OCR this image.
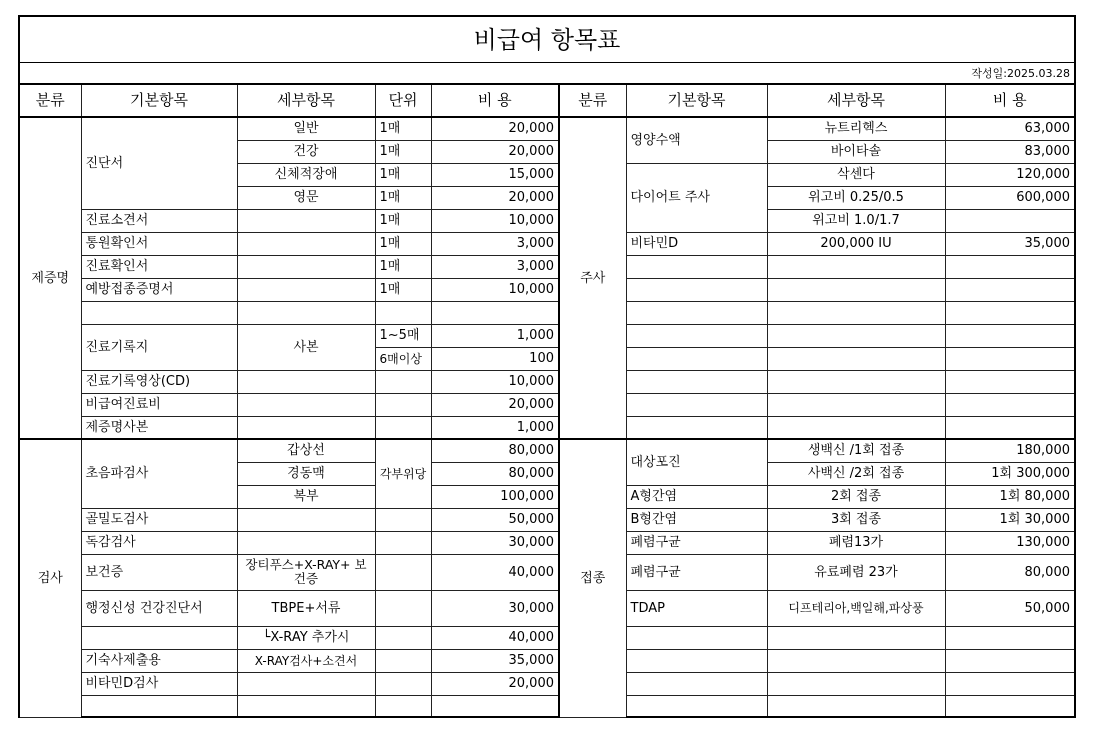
비급여 항목표								
작성일:2025.03.28								
분류	기본항목	세부항목	단위	비 용	분류	기본항목	세부항목	비 용
제증명	진단서	일반	1매	20,000	주사	영양수액	뉴트리헥스	63,000
		건강	1매	20,000			바이타솔	83,000
		신체적장애	1매	15,000		다이어트 주사	삭센다	120,000
		영문	1매	20,000			위고비 0.25/0.5	600,000
	진료소견서		1매	10,000			위고비 1.0/1.7	
	통원확인서		1매	3,000		비타민D	200,000 IU	35,000
	진료확인서		1매	3,000				
	예방접종증명서		1매	10,000				

	진료기록지	사본	1~5매	1,000				
			6매이상	100				
	진료기록영상(CD)			10,000				
	비급여진료비			20,000				
	제증명사본			1,000				
검사	초음파검사	갑상선	각부위당	80,000	접종	대상포진	생백신 /1회 접종	180,000
		경동맥		80,000			사백신 /2회 접종	1회 300,000
		복부		100,000		A형간염	2회 접종	1회 80,000
	골밀도검사			50,000		B형간염	3회 접종	1회 30,000
	독감검사			30,000		폐렴구균	폐렴13가	130,000
	보건증	장티푸스+X-RAY+ 보건증		40,000		폐렴구균	유료폐렴 23가	80,000
	행정신성 건강진단서	TBPE+서류		30,000		TDAP	디프테리아,백일해,파상풍	50,000
		└X-RAY 추가시		40,000				
	기숙사제출용	X-RAY검사+소견서		35,000				
	비타민D검사			20,000				
